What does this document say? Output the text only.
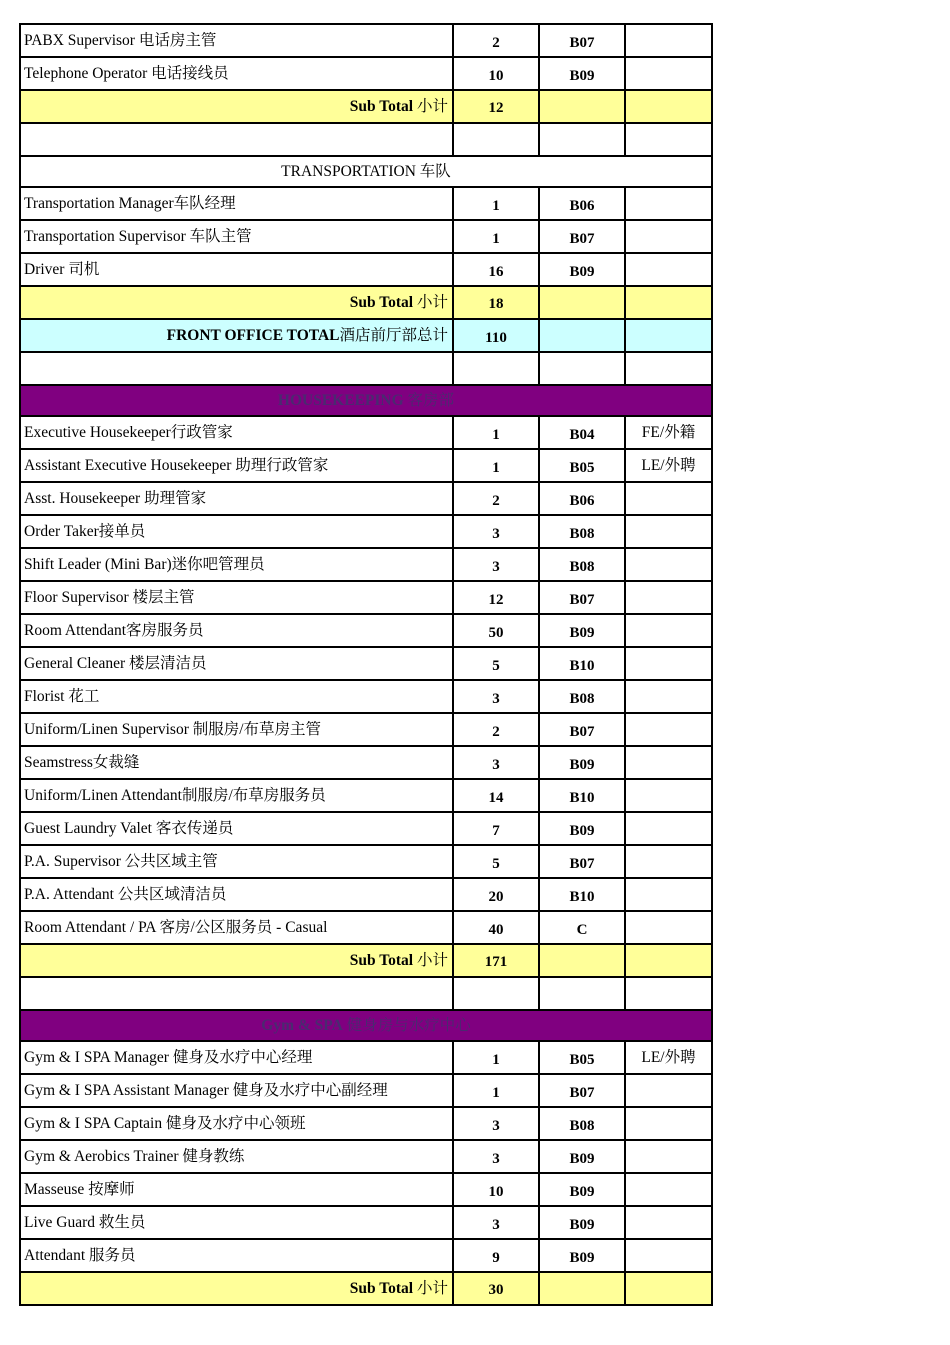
PABX Supervisor 电话房主管	2	B07	
Telephone Operator 电话接线员	10	B09	
Sub Total 小计	12		

TRANSPORTATION 车队			
Transportation Manager车队经理	1	B06	
Transportation Supervisor 车队主管	1	B07	
Driver 司机	16	B09	
Sub Total 小计	18		
FRONT OFFICE TOTAL酒店前厅部总计	110		

HOUSEKEEPING 客房部			
Executive Housekeeper行政管家	1	B04	FE/外籍
Assistant Executive Housekeeper 助理行政管家	1	B05	LE/外聘
Asst. Housekeeper 助理管家	2	B06	
Order Taker接单员	3	B08	
Shift Leader (Mini Bar)迷你吧管理员	3	B08	
Floor Supervisor 楼层主管	12	B07	
Room Attendant客房服务员	50	B09	
General Cleaner 楼层清洁员	5	B10	
Florist 花工	3	B08	
Uniform/Linen Supervisor 制服房/布草房主管	2	B07	
Seamstress女裁缝	3	B09	
Uniform/Linen Attendant制服房/布草房服务员	14	B10	
Guest Laundry Valet 客衣传递员	7	B09	
P.A. Supervisor 公共区域主管	5	B07	
P.A. Attendant 公共区域清洁员	20	B10	
Room Attendant / PA 客房/公区服务员 - Casual	40	C	
Sub Total 小计	171		

Gym & SPA 健身房与水疗中心			
Gym & I SPA Manager 健身及水疗中心经理	1	B05	LE/外聘
Gym & I SPA Assistant Manager 健身及水疗中心副经理	1	B07	
Gym & I SPA Captain 健身及水疗中心领班	3	B08	
Gym & Aerobics Trainer 健身教练	3	B09	
Masseuse 按摩师	10	B09	
Live Guard 救生员	3	B09	
Attendant 服务员	9	B09	
Sub Total 小计	30		
